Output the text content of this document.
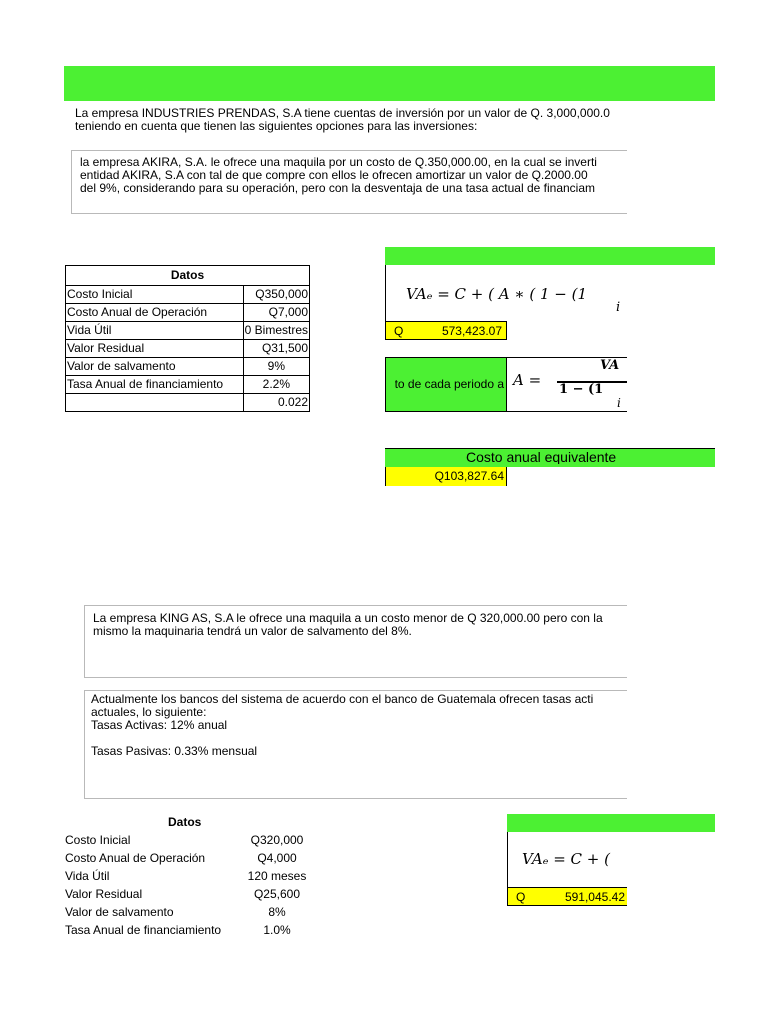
La empresa INDUSTRIES PRENDAS, S.A tiene cuentas de inversión por un valor de Q. 3,000,000.0
teniendo en cuenta que tienen las siguientes opciones para las inversiones:
la empresa AKIRA, S.A. le ofrece una maquila por un costo de Q.350,000.00, en la cual se inverti
entidad AKIRA, S.A con tal de que compre con ellos le ofrecen amortizar un valor de Q.2000.00
del 9%, considerando para su operación, pero con la desventaja de una tasa actual de financiam
Datos	
Costo Inicial	Q350,000
Costo Anual de Operación	Q7,000
Vida Útil	0 Bimestres
Valor Residual	Q31,500
Valor de salvamento	9%
Tasa Anual de financiamiento	2.2%
	0.022
VAₑ = C + ( A ∗ ( 1 − (1
i
Q	573,423.07
to de cada periodo a A =
VA
1 − (1
i
Costo anual equivalente
Q103,827.64
La empresa KING AS, S.A le ofrece una maquila a un costo menor de Q 320,000.00 pero con la
mismo la maquinaria tendrá un valor de salvamento del 8%.
Actualmente los bancos del sistema de acuerdo con el banco de Guatemala ofrecen tasas acti
actuales, lo siguiente:
Tasas Activas: 12% anual
Tasas Pasivas: 0.33% mensual
Datos
Costo Inicial	Q320,000
Costo Anual de Operación	Q4,000
Vida Útil	120 meses
Valor Residual	Q25,600
Valor de salvamento	8%
Tasa Anual de financiamiento	1.0%
VAₑ = C + (
Q	591,045.42
